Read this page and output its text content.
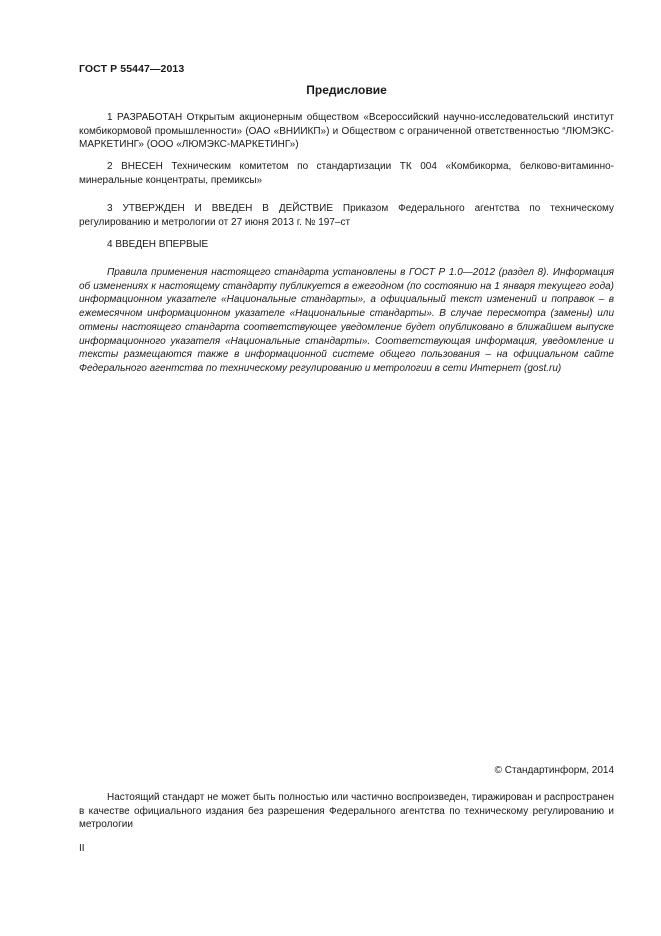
ГОСТ Р 55447—2013
Предисловие

1 РАЗРАБОТАН Открытым акционерным обществом «Всероссийский научно-исследовательский институт комбикормовой промышленности» (ОАО «ВНИИКП») и Обществом с ограниченной ответственностью “ЛЮМЭКС-МАРКЕТИНГ» (ООО «ЛЮМЭКС-МАРКЕТИНГ»)

2 ВНЕСЕН Техническим комитетом по стандартизации ТК 004 «Комбикорма, белково-витаминно-минеральные концентраты, премиксы»

3 УТВЕРЖДЕН И ВВЕДЕН В ДЕЙСТВИЕ Приказом Федерального агентства по техническому регулированию и метрологии от 27 июня 2013 г. № 197–ст

4 ВВЕДЕН ВПЕРВЫЕ

Правила применения настоящего стандарта установлены в ГОСТ Р 1.0—2012 (раздел 8). Информация об изменениях к настоящему стандарту публикуется в ежегодном (по состоянию на 1 января текущего года) информационном указателе «Национальные стандарты», а официальный текст изменений и поправок – в ежемесячном информационном указателе «Национальные стандарты». В случае пересмотра (замены) или отмены настоящего стандарта соответствующее уведомление будет опубликовано в ближайшем выпуске информационного указателя «Национальные стандарты». Соответствующая информация, уведомление и тексты размещаются также в информационной системе общего пользования – на официальном сайте Федерального агентства по техническому регулированию и метрологии в сети Интернет (gost.ru)

© Стандартинформ, 2014

Настоящий стандарт не может быть полностью или частично воспроизведен, тиражирован и распространен в качестве официального издания без разрешения Федерального агентства по техническому регулированию и метрологии

II
